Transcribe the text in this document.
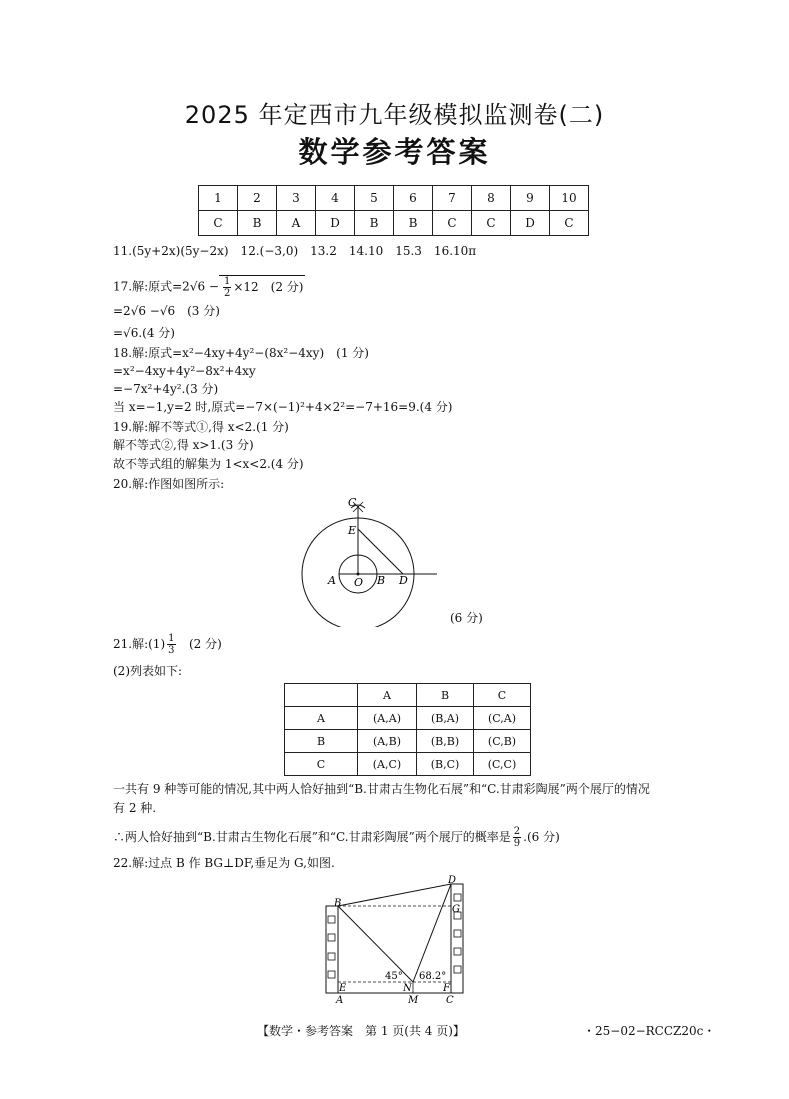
2025 年定西市九年级模拟监测卷(二)
数学参考答案
1	2	3	4	5	6	7	8	9	10
C	B	A	D	B	B	C	C	D	C
11.(5y+2x)(5y−2x)　12.(−3,0)　13.2　14.10　15.3　16.10π
17.解:原式$=2√6 - \frac{1}{2} \times 12$　(2 分)
=2√6 −√6　(3 分)
=√6.(4 分)
18.解:原式=x²−4xy+4y²−(8x²−4xy)　(1 分)
=x²−4xy+4y²−8x²+4xy
=−7x²+4y².(3 分)
当 x=−1,y=2 时,原式=−7×(−1)²+4×2²=−7+16=9.(4 分)
19.解:解不等式①,得 x<2.(1 分)
解不等式②,得 x>1.(3 分)
故不等式组的解集为 1<x<2.(4 分)
20.解:作图如图所示:
C
E
A O B D
(6 分)
21.解:(1) $\frac{1}{3} (2$ 分)
(2)列表如下:
	A	B	C
A	(A,A)	(B,A)	(C,A)
B	(A,B)	(B,B)	(C,B)
C	(A,C)	(B,C)	(C,C)
一共有 9 种等可能的情况,其中两人恰好抽到“B.甘肃古生物化石展”和“C.甘肃彩陶展”两个展厅的情况
有 2 种.
∴两人恰好抽到“B.甘肃古生物化石展”和“C.甘肃彩陶展”两个展厅的概率是 $\frac{2}{9} .(6$ 分)
22.解:过点 B 作 BG⊥DF,垂足为 G,如图.
B
D
G
E	N	F
A	M	C
45° 68.2°
【数学・参考答案　第 1 页(共 4 页)】	・25−02−RCCZ20c・
